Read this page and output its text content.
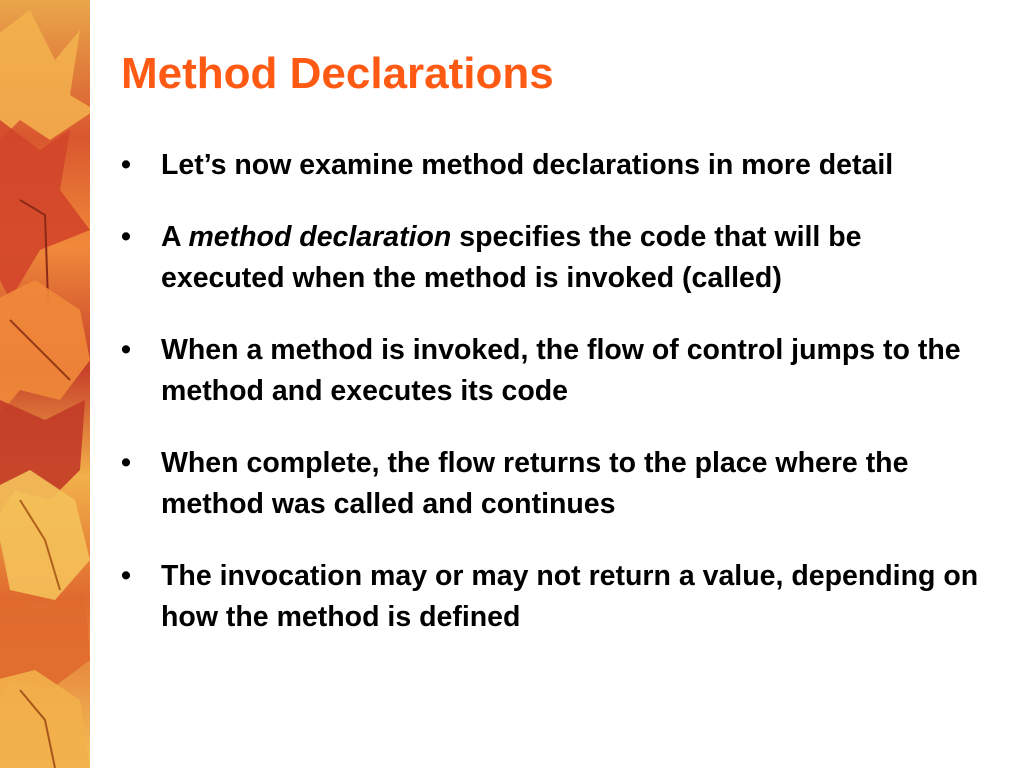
Method Declarations
•	Let’s now examine method declarations in more detail
•	A method declaration specifies the code that will be executed when the method is invoked (called)
•	When a method is invoked, the flow of control jumps to the method and executes its code
•	When complete, the flow returns to the place where the method was called and continues
•	The invocation may or may not return a value, depending on how the method is defined
